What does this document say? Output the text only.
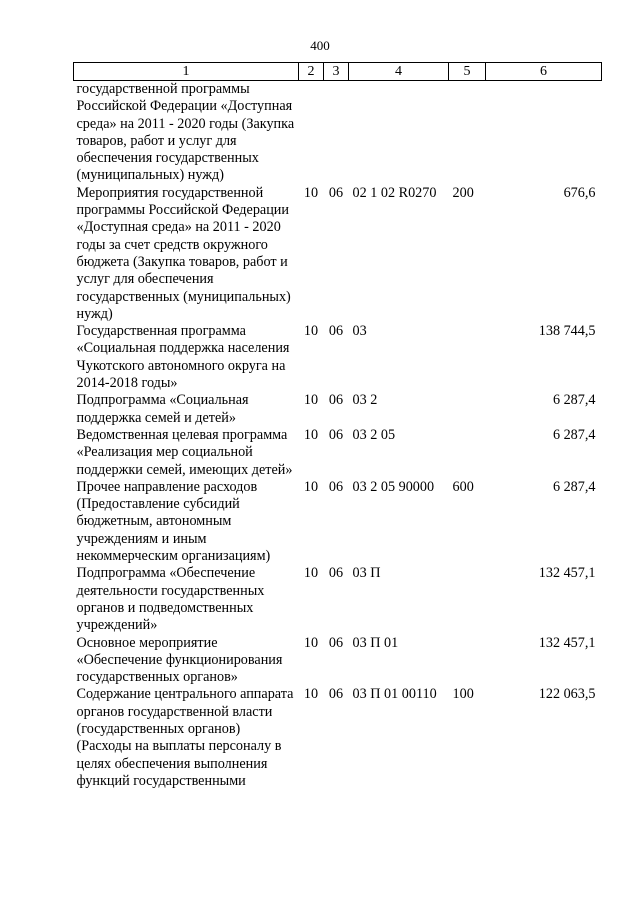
400
1	2	3	4	5	6
государственной программы Российской Федерации «Доступная среда» на 2011 - 2020 годы (Закупка товаров, работ и услуг для обеспечения государственных (муниципальных) нужд)					
Мероприятия государственной программы Российской Федерации «Доступная среда» на 2011 - 2020 годы за счет средств окружного бюджета (Закупка товаров, работ и услуг для обеспечения государственных (муниципальных) нужд)	10	06	02 1 02 R0270	200	676,6
Государственная программа «Социальная поддержка населения Чукотского автономного округа на 2014-2018 годы»	10	06	03		138 744,5
Подпрограмма «Социальная поддержка семей и детей»	10	06	03 2		6 287,4
Ведомственная целевая программа «Реализация мер социальной поддержки семей, имеющих детей»	10	06	03 2 05		6 287,4
Прочее направление расходов (Предоставление субсидий бюджетным, автономным учреждениям и иным некоммерческим организациям)	10	06	03 2 05 90000	600	6 287,4
Подпрограмма «Обеспечение деятельности государственных органов и подведомственных учреждений»	10	06	03 П		132 457,1
Основное мероприятие «Обеспечение функционирования государственных органов»	10	06	03 П 01		132 457,1
Содержание центрального аппарата органов государственной власти (государственных органов) (Расходы на выплаты персоналу в целях обеспечения выполнения функций государственными	10	06	03 П 01 00110	100	122 063,5
